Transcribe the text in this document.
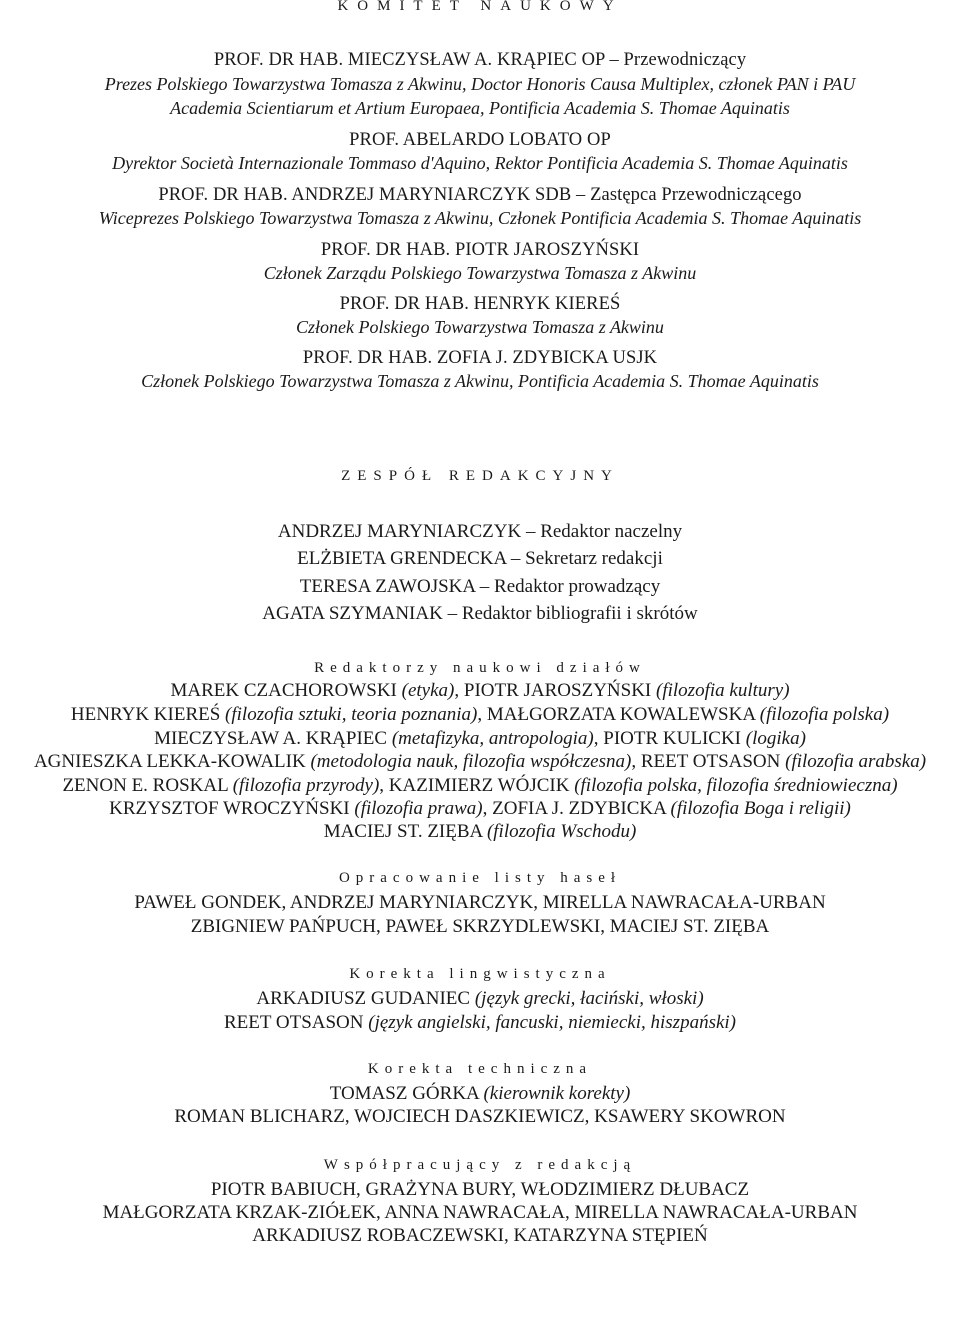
KOMITET NAUKOWY
PROF. DR HAB. MIECZYSŁAW A. KRĄPIEC OP – Przewodniczący
Prezes Polskiego Towarzystwa Tomasza z Akwinu, Doctor Honoris Causa Multiplex, członek PAN i PAU
Academia Scientiarum et Artium Europaea, Pontificia Academia S. Thomae Aquinatis
PROF. ABELARDO LOBATO OP
Dyrektor Società Internazionale Tommaso d'Aquino, Rektor Pontificia Academia S. Thomae Aquinatis
PROF. DR HAB. ANDRZEJ MARYNIARCZYK SDB – Zastępca Przewodniczącego
Wiceprezes Polskiego Towarzystwa Tomasza z Akwinu, Członek Pontificia Academia S. Thomae Aquinatis
PROF. DR HAB. PIOTR JAROSZYŃSKI
Członek Zarządu Polskiego Towarzystwa Tomasza z Akwinu
PROF. DR HAB. HENRYK KIEREŚ
Członek Polskiego Towarzystwa Tomasza z Akwinu
PROF. DR HAB. ZOFIA J. ZDYBICKA USJK
Członek Polskiego Towarzystwa Tomasza z Akwinu, Pontificia Academia S. Thomae Aquinatis
ZESPÓŁ REDAKCYJNY
ANDRZEJ MARYNIARCZYK – Redaktor naczelny
ELŻBIETA GRENDECKA – Sekretarz redakcji
TERESA ZAWOJSKA – Redaktor prowadzący
AGATA SZYMANIAK – Redaktor bibliografii i skrótów
Redaktorzy naukowi działów
MAREK CZACHOROWSKI (etyka), PIOTR JAROSZYŃSKI (filozofia kultury)
HENRYK KIEREŚ (filozofia sztuki, teoria poznania), MAŁGORZATA KOWALEWSKA (filozofia polska)
MIECZYSŁAW A. KRĄPIEC (metafizyka, antropologia), PIOTR KULICKI (logika)
AGNIESZKA LEKKA-KOWALIK (metodologia nauk, filozofia współczesna), REET OTSASON (filozofia arabska)
ZENON E. ROSKAL (filozofia przyrody), KAZIMIERZ WÓJCIK (filozofia polska, filozofia średniowieczna)
KRZYSZTOF WROCZYŃSKI (filozofia prawa), ZOFIA J. ZDYBICKA (filozofia Boga i religii)
MACIEJ ST. ZIĘBA (filozofia Wschodu)
Opracowanie listy haseł
PAWEŁ GONDEK, ANDRZEJ MARYNIARCZYK, MIRELLA NAWRACAŁA-URBAN
ZBIGNIEW PAŃPUCH, PAWEŁ SKRZYDLEWSKI, MACIEJ ST. ZIĘBA
Korekta lingwistyczna
ARKADIUSZ GUDANIEC (język grecki, łaciński, włoski)
REET OTSASON (język angielski, fancuski, niemiecki, hiszpański)
Korekta techniczna
TOMASZ GÓRKA (kierownik korekty)
ROMAN BLICHARZ, WOJCIECH DASZKIEWICZ, KSAWERY SKOWRON
Współpracujący z redakcją
PIOTR BABIUCH, GRAŻYNA BURY, WŁODZIMIERZ DŁUBACZ
MAŁGORZATA KRZAK-ZIÓŁEK, ANNA NAWRACAŁA, MIRELLA NAWRACAŁA-URBAN
ARKADIUSZ ROBACZEWSKI, KATARZYNA STĘPIEŃ
